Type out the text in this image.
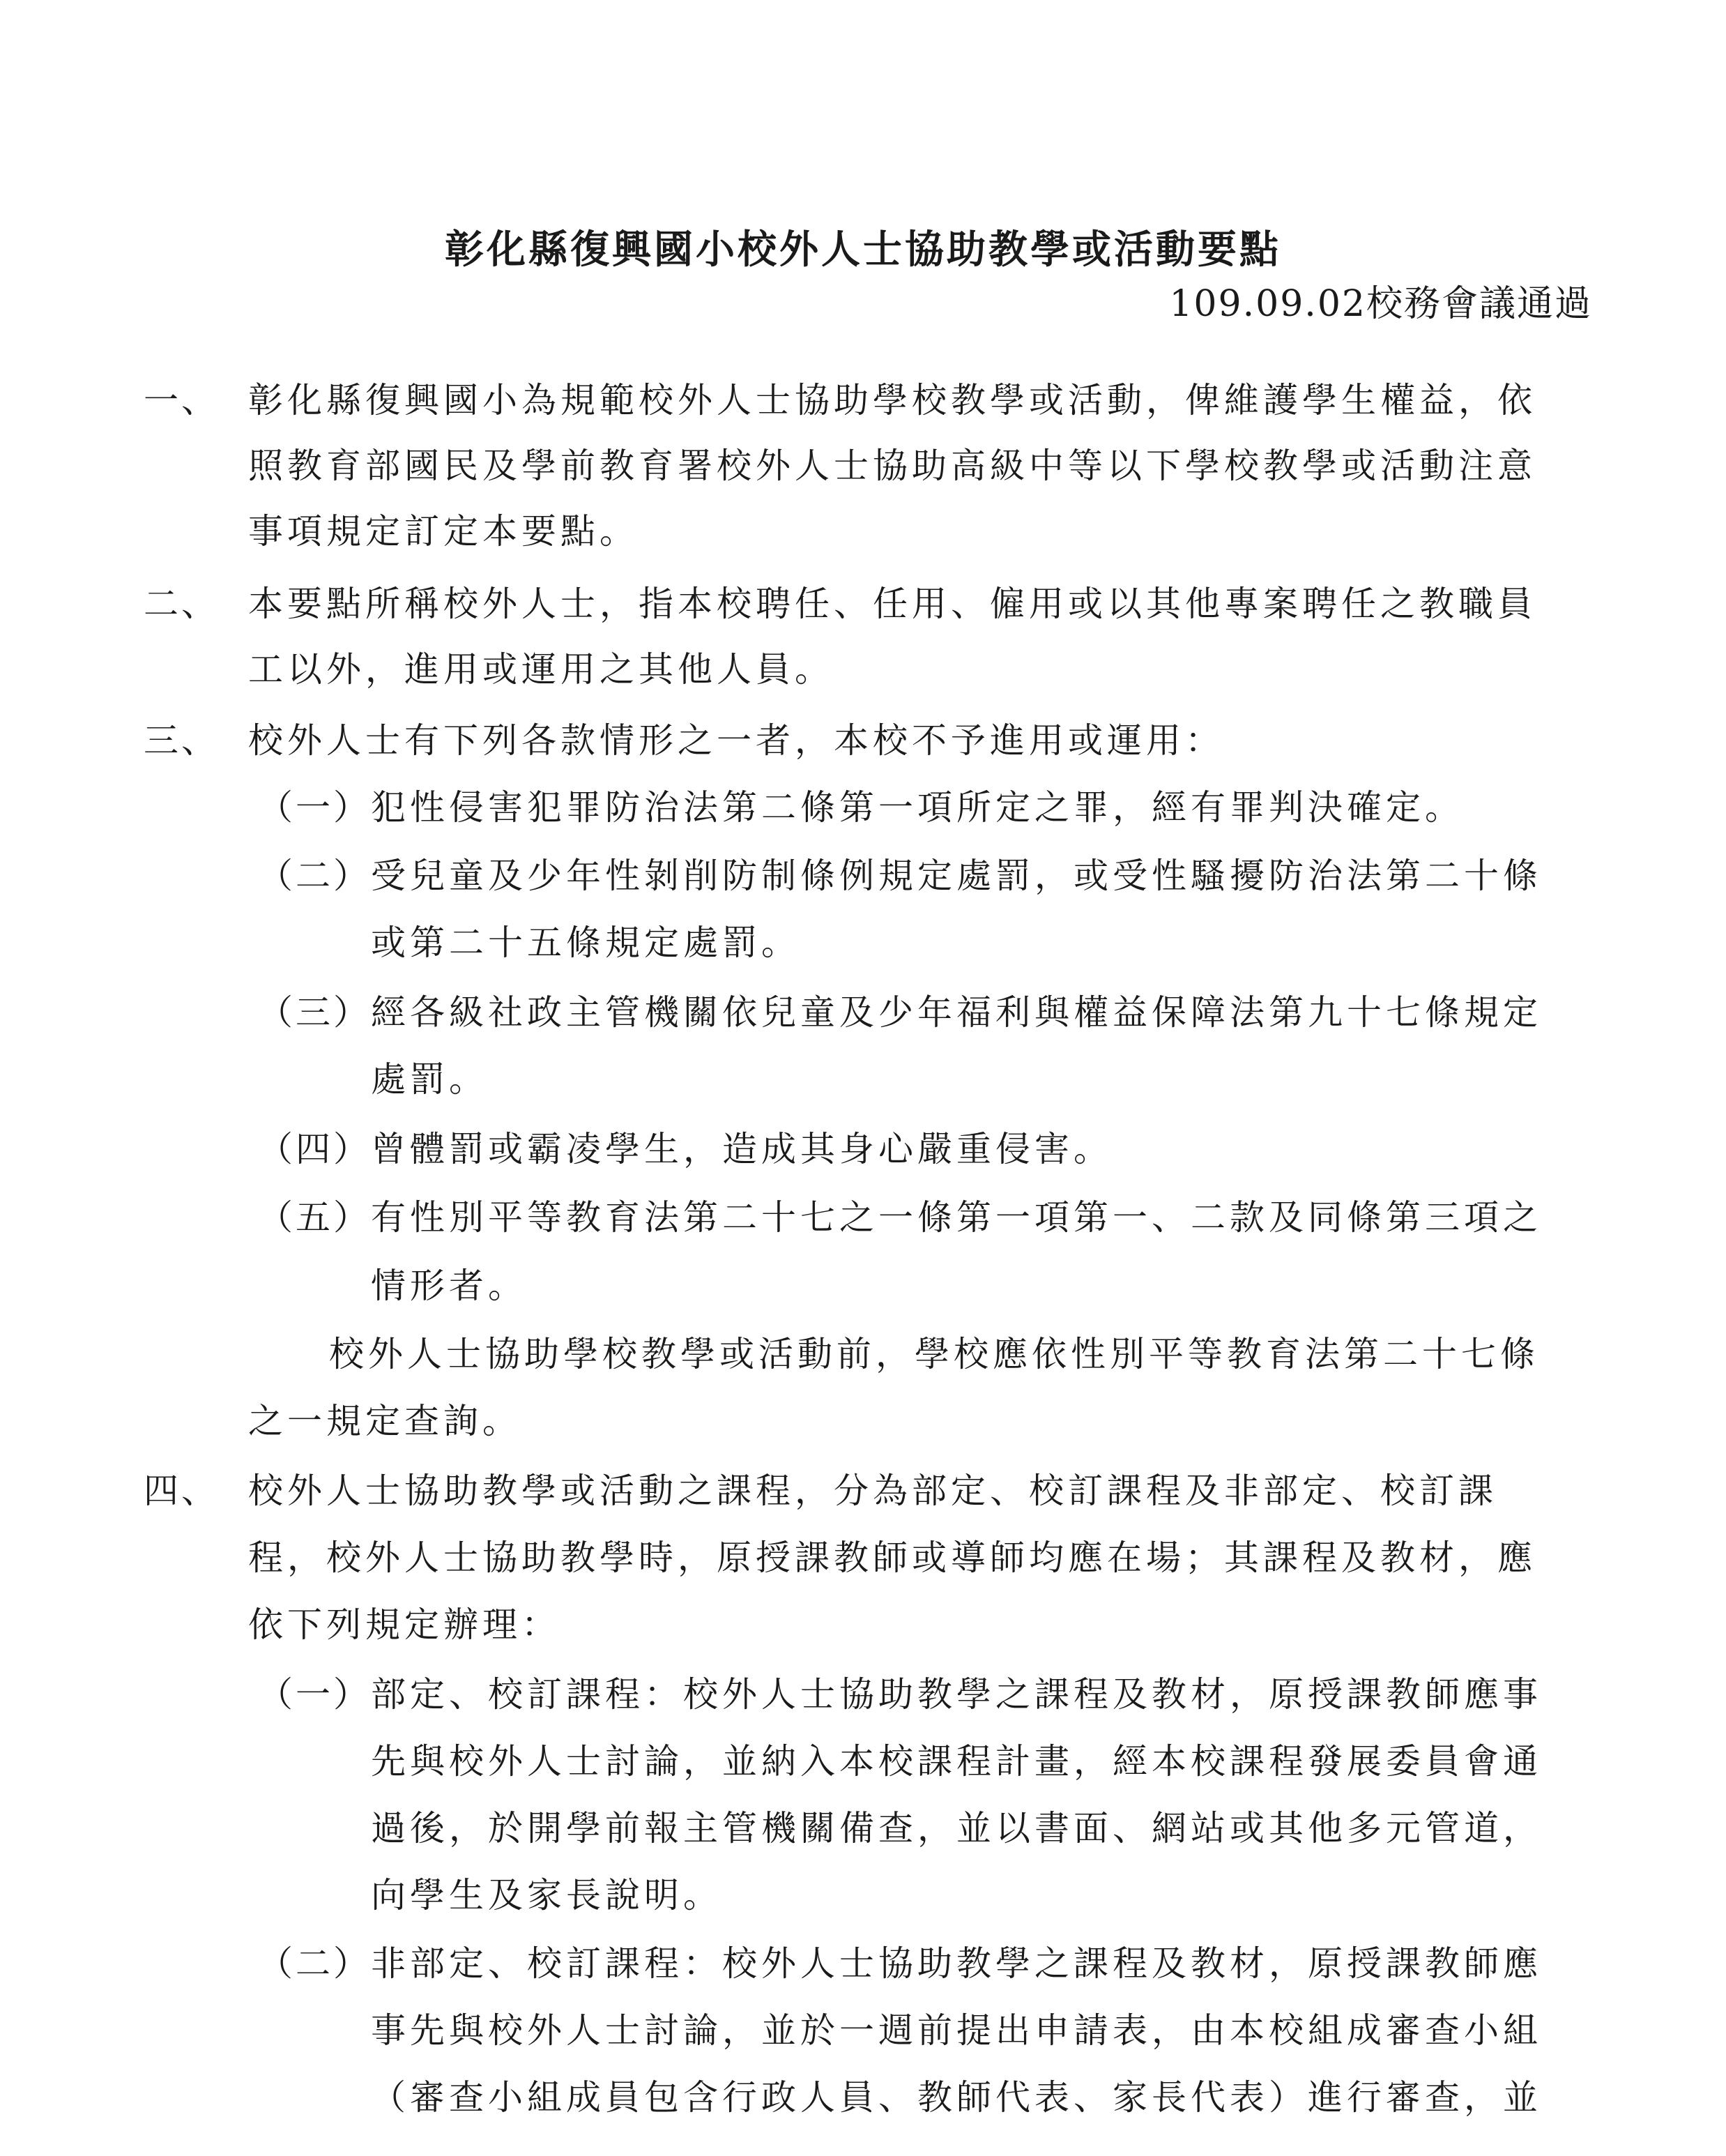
彰化縣復興國小校外人士協助教學或活動要點
109.09.02校務會議通過
一、 彰化縣復興國小為規範校外人士協助學校教學或活動，俾維護學生權益，依
照教育部國民及學前教育署校外人士協助高級中等以下學校教學或活動注意
事項規定訂定本要點。
二、 本要點所稱校外人士，指本校聘任、任用、僱用或以其他專案聘任之教職員
工以外，進用或運用之其他人員。
三、 校外人士有下列各款情形之一者，本校不予進用或運用：
（一） 犯性侵害犯罪防治法第二條第一項所定之罪，經有罪判決確定。
（二） 受兒童及少年性剝削防制條例規定處罰，或受性騷擾防治法第二十條
或第二十五條規定處罰。
（三） 經各級社政主管機關依兒童及少年福利與權益保障法第九十七條規定
處罰。
（四） 曾體罰或霸凌學生，造成其身心嚴重侵害。
（五） 有性別平等教育法第二十七之一條第一項第一、二款及同條第三項之
情形者。
校外人士協助學校教學或活動前，學校應依性別平等教育法第二十七條
之一規定查詢。
四、 校外人士協助教學或活動之課程，分為部定、校訂課程及非部定、校訂課
程，校外人士協助教學時，原授課教師或導師均應在場；其課程及教材，應
依下列規定辦理：
（一） 部定、校訂課程：校外人士協助教學之課程及教材，原授課教師應事
先與校外人士討論，並納入本校課程計畫，經本校課程發展委員會通
過後，於開學前報主管機關備查，並以書面、網站或其他多元管道，
向學生及家長說明。
（二） 非部定、校訂課程：校外人士協助教學之課程及教材，原授課教師應
事先與校外人士討論，並於一週前提出申請表，由本校組成審查小組
（審查小組成員包含行政人員、教師代表、家長代表）進行審查，並
